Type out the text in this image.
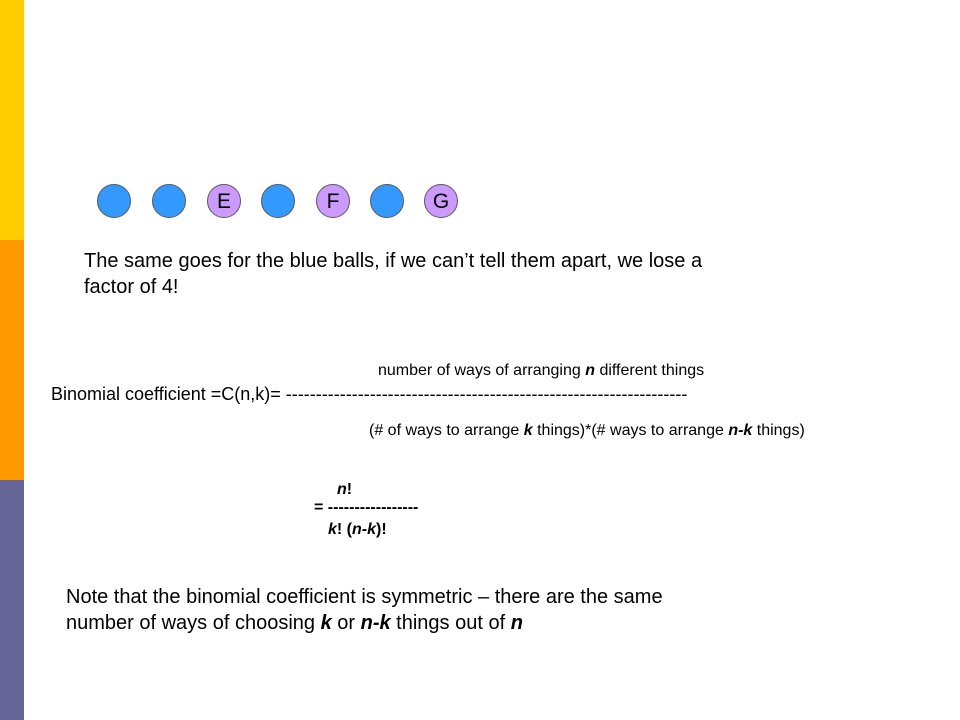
E	F	G
The same goes for the blue balls, if we can’t tell them apart, we lose a
factor of 4!
number of ways of arranging n different things
Binomial coefficient =C(n,k)= -------------------------------------------------------------------
(# of ways to arrange k things)*(# ways to arrange n-k things)
n!
= -----------------
k! (n-k)!
Note that the binomial coefficient is symmetric – there are the same
number of ways of choosing k or n-k things out of n
